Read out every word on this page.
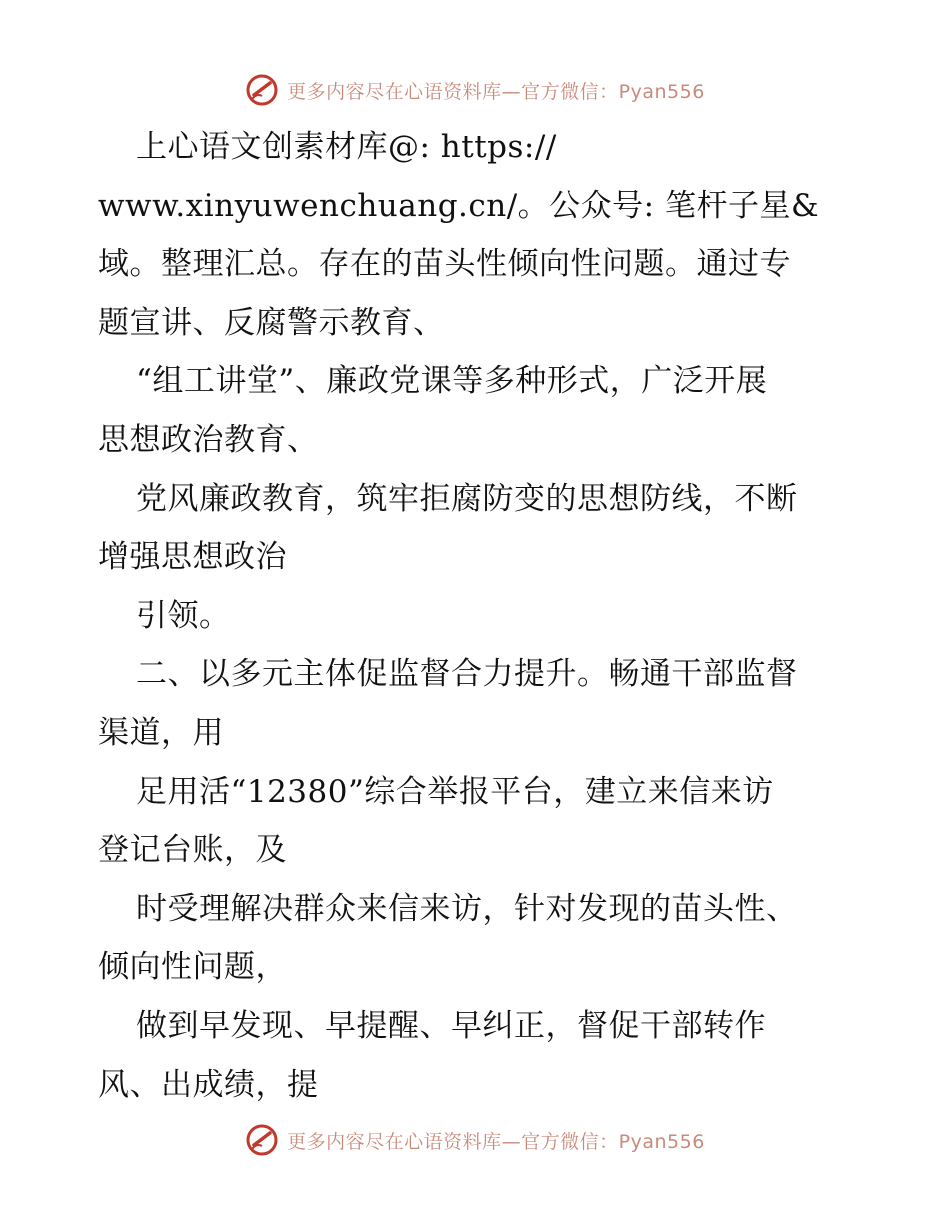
更多内容尽在心语资料库—官方微信：Pyan556
上心语文创素材库@: https://
www.xinyuwenchuang.cn/。公众号: 笔杆子星&
域。整理汇总。存在的苗头性倾向性问题。通过专
题宣讲、反腐警示教育、
“组工讲堂”、廉政党课等多种形式，广泛开展
思想政治教育、
党风廉政教育，筑牢拒腐防变的思想防线，不断
增强思想政治
引领。
二、以多元主体促监督合力提升。畅通干部监督
渠道，用
足用活“12380”综合举报平台，建立来信来访
登记台账，及
时受理解决群众来信来访，针对发现的苗头性、
倾向性问题，
做到早发现、早提醒、早纠正，督促干部转作
风、出成绩，提
更多内容尽在心语资料库—官方微信：Pyan556
